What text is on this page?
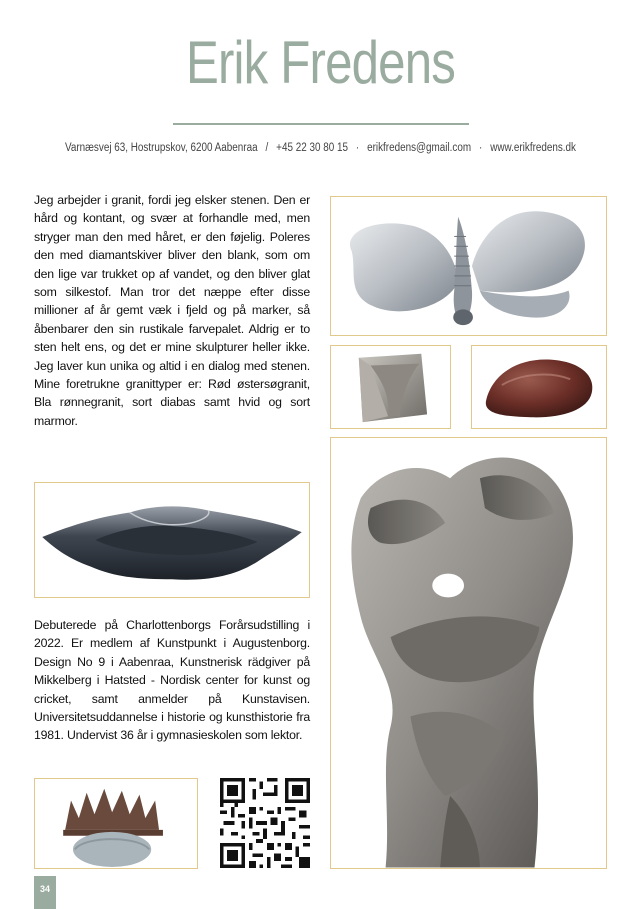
Erik Fredens
Varnæsvej 63, Hostrupskov, 6200 Aabenraa / +45 22 30 80 15 · erikfredens@gmail.com · www.erikfredens.dk

Jeg arbejder i granit, fordi jeg elsker stenen. Den er hård og kontant, og svær at forhandle med, men stryger man den med håret, er den føjelig. Poleres den med diamantskiver bliver den blank, som om den lige var trukket op af vandet, og den bliver glat som silkestof. Man tror det næppe efter disse millioner af år gemt væk i fjeld og på marker, så åbenbarer den sin rustikale farvepalet. Aldrig er to sten helt ens, og det er mine skulpturer heller ikke. Jeg laver kun unika og altid i en dialog med stenen. Mine foretrukne granittyper er: Rød østersøgranit, Bla rønnegranit, sort diabas samt hvid og sort marmor.

Debuterede på Charlottenborgs Forårsudstilling i 2022. Er medlem af Kunstpunkt i Augustenborg. Design No 9 i Aabenraa, Kunstnerisk rädgiver på Mikkelberg i Hatsted - Nordisk center for kunst og cricket, samt anmelder på Kunstavisen. Universitetsuddannelse i historie og kunsthistorie fra 1981. Undervist 36 år i gymnasieskolen som lektor.

34
